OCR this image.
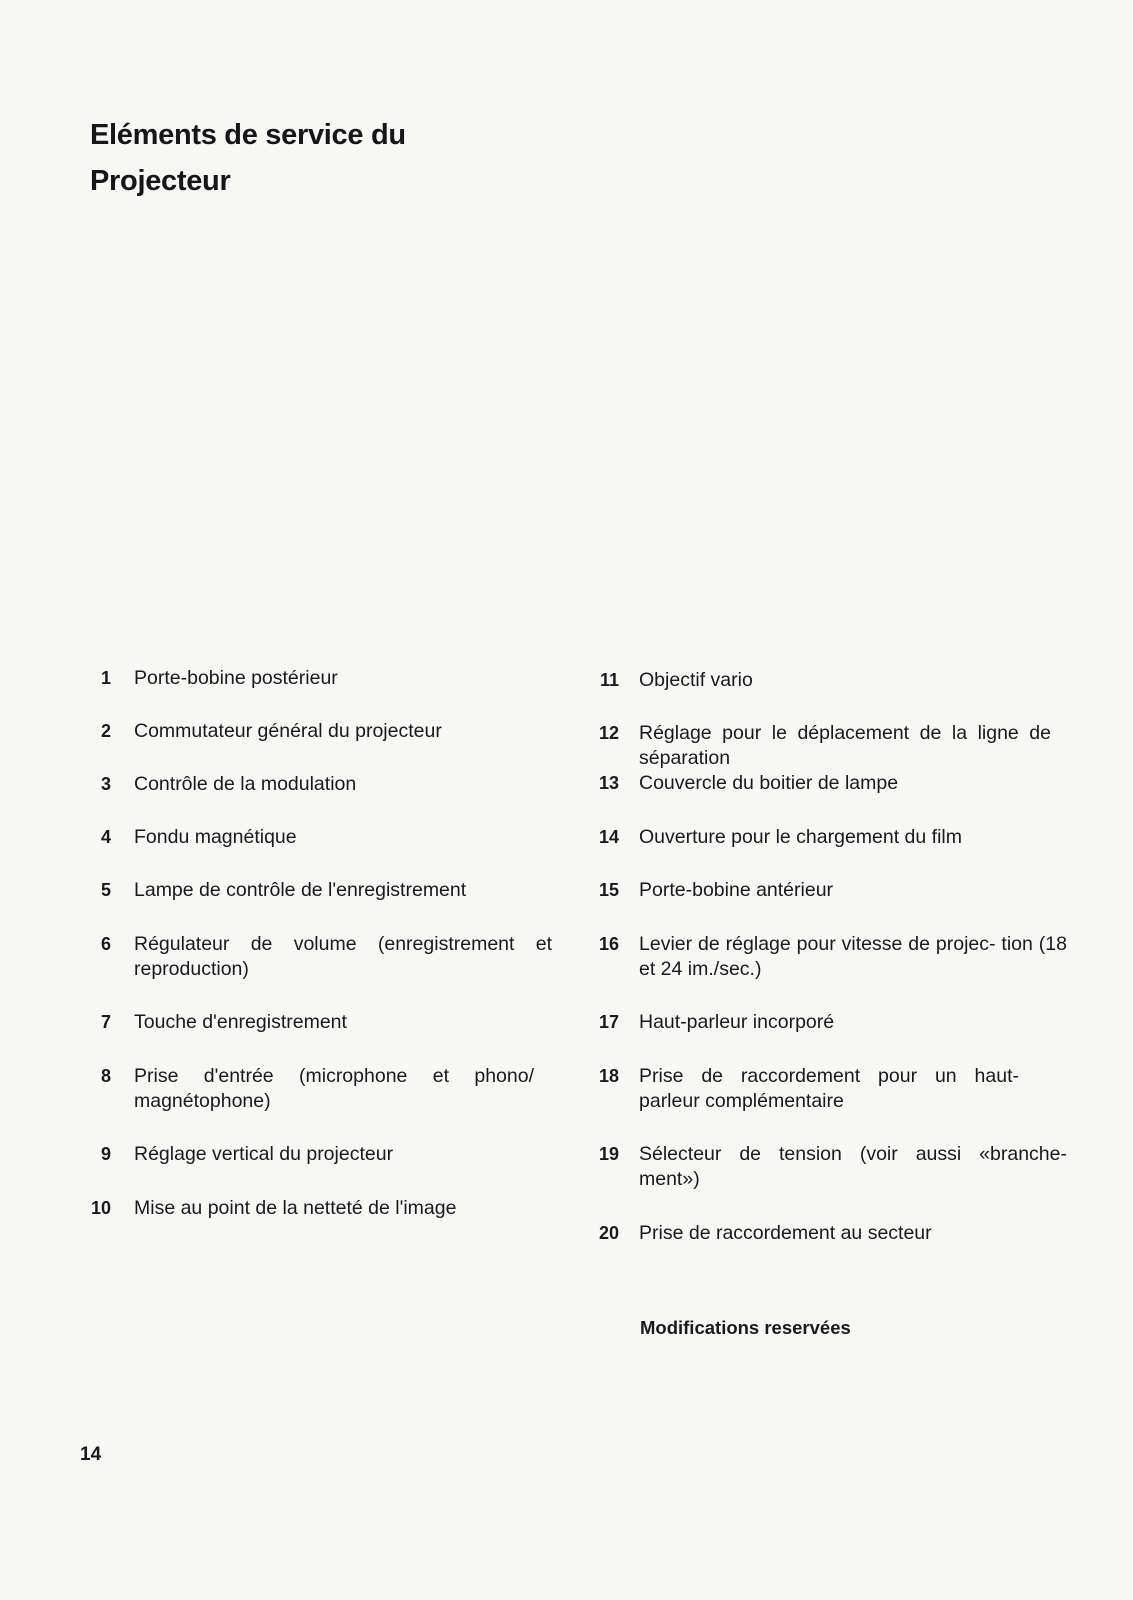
Eléments de service du
Projecteur
1 Porte-bobine postérieur
2 Commutateur général du projecteur
3 Contrôle de la modulation
4 Fondu magnétique
5 Lampe de contrôle de l'enregistrement
6 Régulateur de volume (enregistrement et reproduction)
7 Touche d'enregistrement
8 Prise d'entrée (microphone et phono/ magnétophone)
9 Réglage vertical du projecteur
10 Mise au point de la netteté de l'image
11 Objectif vario
12 Réglage pour le déplacement de la ligne de séparation
13 Couvercle du boitier de lampe
14 Ouverture pour le chargement du film
15 Porte-bobine antérieur
16 Levier de réglage pour vitesse de projec- tion (18 et 24 im./sec.)
17 Haut-parleur incorporé
18 Prise de raccordement pour un haut- parleur complémentaire
19 Sélecteur de tension (voir aussi «branche- ment»)
20 Prise de raccordement au secteur

Modifications reservées

14
